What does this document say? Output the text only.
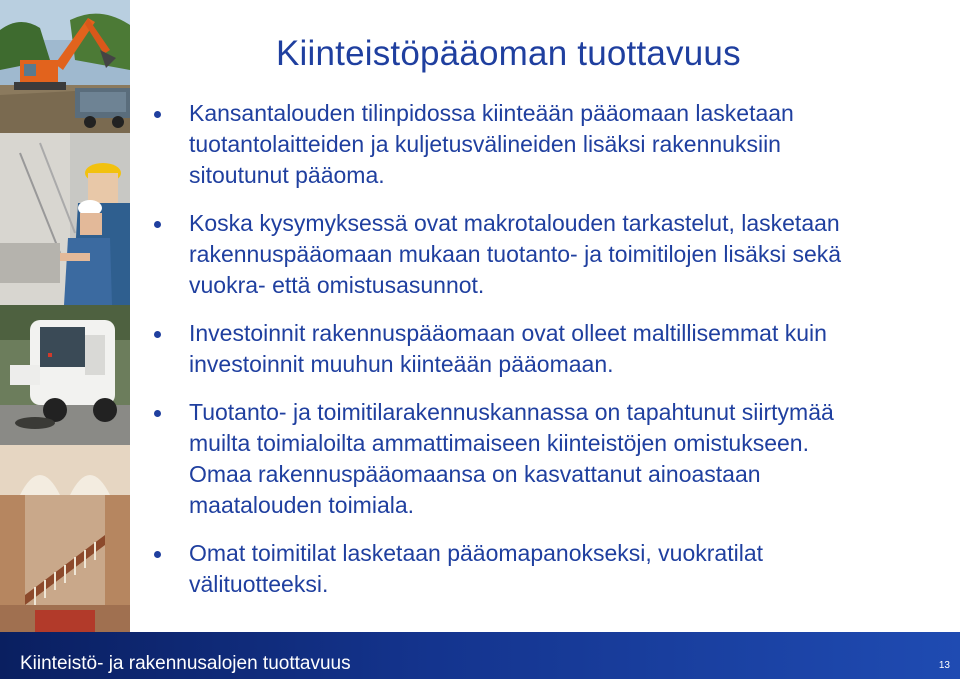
Kiinteistöpääoman tuottavuus
Kansantalouden tilinpidossa kiinteään pääomaan lasketaan
tuotantolaitteiden ja kuljetusvälineiden lisäksi rakennuksiin
sitoutunut pääoma.
Koska kysymyksessä ovat makrotalouden tarkastelut, lasketaan
rakennuspääomaan mukaan tuotanto- ja toimitilojen lisäksi sekä
vuokra- että omistusasunnot.
Investoinnit rakennuspääomaan ovat olleet maltillisemmat kuin
investoinnit muuhun kiinteään pääomaan.
Tuotanto- ja toimitilarakennuskannassa on tapahtunut siirtymää
muilta toimialoilta ammattimaiseen kiinteistöjen omistukseen.
Omaa rakennuspääomaansa on kasvattanut ainoastaan
maatalouden toimiala.
Omat toimitilat lasketaan pääomapanokseksi, vuokratilat
välituotteeksi.
Kiinteistö- ja rakennusalojen tuottavuus	13
